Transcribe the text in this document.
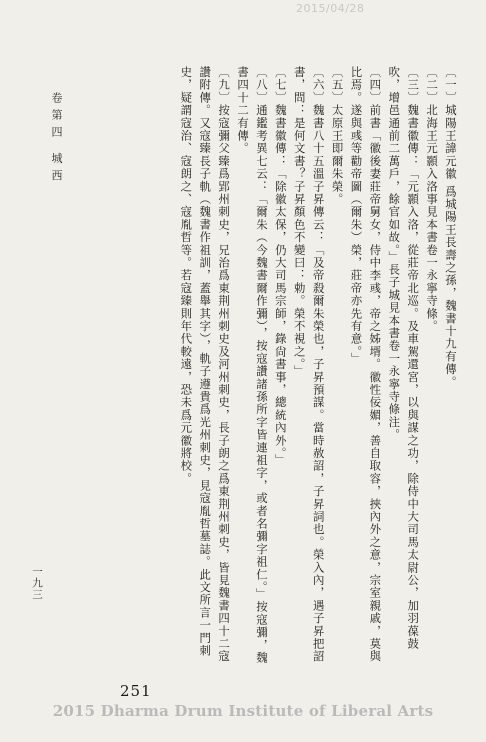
2015/04/28
〔一〕城陽王諱元徽 爲城陽王長壽之孫，魏書十九有傳。
〔二〕北海王元顥入洛事見本書卷一永寧寺條。
〔三〕魏書徽傳：「元顥入洛，從莊帝北巡。及車駕還宮，以與謀之功，除侍中大司馬太尉公，加羽葆鼓吹，增邑通前二萬戶，餘官如故。」長子城見本書卷一永寧寺條注。
〔四〕前書「徽後妻莊帝舅女，侍中李彧，帝之姊壻。徽性佞媚，善自取容，挾內外之意，宗室親戚，莫與比焉。遂與彧等勸帝圖（爾朱）榮，莊帝亦先有意。」
〔五〕太原王即爾朱榮。
〔六〕魏書八十五溫子昇傳云：「及帝殺爾朱榮也，子昇預謀。當時赦詔，子昇詞也。榮入內，遇子昇把詔書，問：是何文書？子昇顏色不變曰：勅。榮不視之。」
〔七〕魏書徽傳：「除徽太保，仍大司馬宗師，錄尙書事，總統內外。」
〔八〕通鑑考異七云：「爾朱（今魏書爾作彌），按寇讚諸孫所字皆連祖字，或者名彌字祖仁。」按寇彌，魏書四十二有傳。
〔九〕按寇彌父臻爲郢州刺史，兄治爲東荆州刺史及河州刺史，長子朗之爲東荆州刺史，皆見魏書四十二寇讚附傳。又寇臻長子軌（魏書作祖訓，蓋舉其字），軌子遵貴爲光州刺史，見寇胤哲墓誌。此文所言一門刺史，疑謂寇治、寇朗之、寇胤哲等。若寇臻則年代較遠，恐未爲元徽將校。
卷第四 城西
一九三
251
2015 Dharma Drum Institute of Liberal Arts
